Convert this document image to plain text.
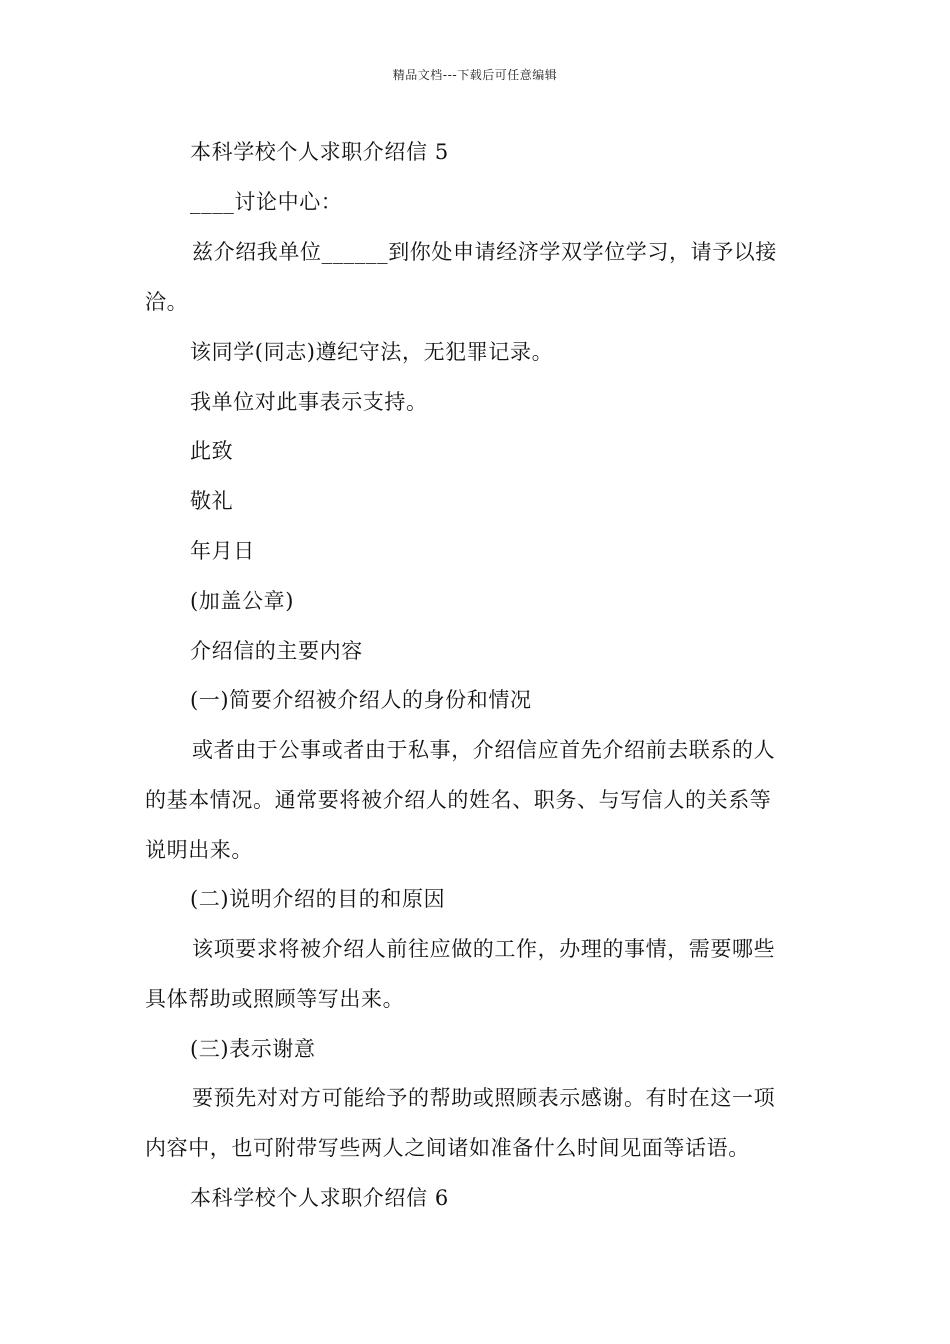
精品文档---下载后可任意编辑
本科学校个人求职介绍信 5
____讨论中心：
兹介绍我单位______到你处申请经济学双学位学习，请予以接
洽。
该同学(同志)遵纪守法，无犯罪记录。
我单位对此事表示支持。
此致
敬礼
年月日
(加盖公章)
介绍信的主要内容
(一)简要介绍被介绍人的身份和情况
或者由于公事或者由于私事，介绍信应首先介绍前去联系的人
的基本情况。通常要将被介绍人的姓名、职务、与写信人的关系等
说明出来。
(二)说明介绍的目的和原因
该项要求将被介绍人前往应做的工作，办理的事情，需要哪些
具体帮助或照顾等写出来。
(三)表示谢意
要预先对对方可能给予的帮助或照顾表示感谢。有时在这一项
内容中，也可附带写些两人之间诸如准备什么时间见面等话语。
本科学校个人求职介绍信 6
